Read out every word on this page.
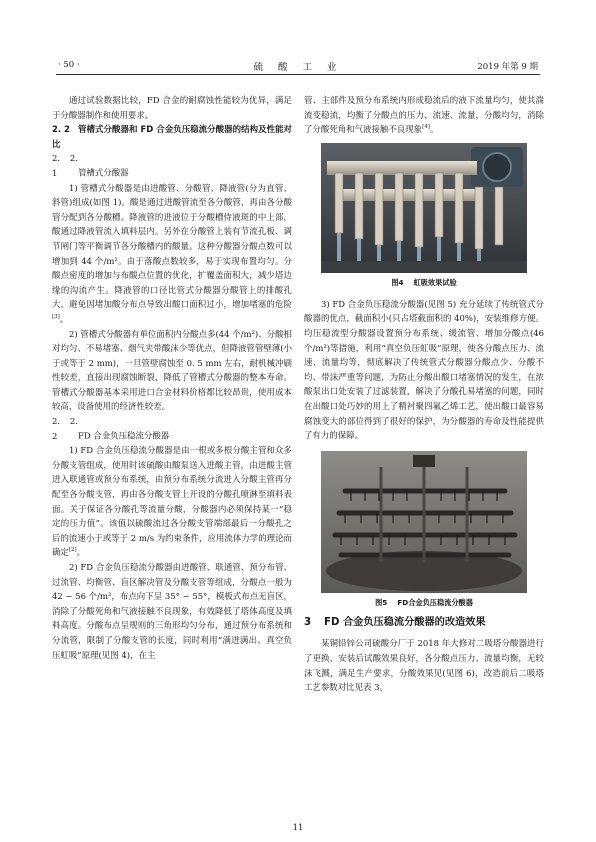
· 50 ·	硫 酸 工 业	2019 年第 9 期

通过试验数据比较，FD 合金的耐腐蚀性能较为优异，满足于分酸器制作和使用要求。

2. 2 管槽式分酸器和 FD 合金负压稳流分酸器的结构及性能对比
2. 2. 1 管槽式分酸器

1) 管槽式分酸器是由进酸管、分酸管、降液管(分为直管、斜管)组成(如图 1)。酸是通过进酸管流至各分酸管，再由各分酸管分配到各分酸槽。降液管的进液位于分酸槽侍液斑的中上部，酸通过降液管流入填料层内。另外在分酸管上装有节流孔板、调节闸门等平衡调节各分酸槽内的酸量。这种分酸器分酸点数可以增加到 44 个/m²。由于落酸点数较多，易于实现布置均匀。分酸点密度的增加与布酸点位置的优化，扩覆盖面积大，减少塔边缘的沟流产生。降液管的口径比管式分酸器分酸管上的排酸孔大，避免因堵加酸分布点导致出酸口面积过小，增加堵塞的危险[3]。

2) 管槽式分酸器有单位面积内分酸点多(44 个/m²)、分酸相对均匀、不易堵塞、烟气夹带酸沫少等优点，但降液管管壁薄(小于或等于 2 mm)，一旦管壁腐蚀至 0. 5 mm 左右，耐机械冲刷性较差，直接出现腐蚀断裂，降低了管槽式分酸器的整本寿命。管槽式分酸器基本采用进口合金材料价格都比较昂贵，使用成本较高，设备使用的经济性较差。

2. 2. 2 FD 合金负压稳流分酸器

1) FD 合金负压稳流分酸器是由一根或多根分酸主管和众多分酸支管组成，使用时该硫酸由酸泵送入进酸主管，由进酸主管进入联通管或预分布系统，由预分布系统分流进入分酸主管再分配至各分酸支管，再由各分酸支管上开设的分酸孔喷淋至填料表面。关于保证各分酸孔等流量分酸，分酸器内必须保持某一“稳定的压力值”。该值以硫酸流过各分酸支管端部最后一分酸孔之后的流速小于或等于 2 m/s 为约束条件，应用流体力学的理论而确定[2]。

2) FD 合金负压稳流分酸器由进酸管、联通管、预分布管、过流管、均衡管、盲区解决管及分酸支管等组成，分酸点一般为 42 ~ 56 个/m²，布点向下呈 35° ~ 55°，模板式布点无盲区，消除了分酸死角和气液接触不良现象，有效降低了塔体高度及填料高度。分酸布点呈规则的三角形均匀分布，通过预分布系统和分流管，限制了分酸支管的长度，同时利用“满进满出、真空负压虹吸”原理(见图 4)，在主

管、主部件及预分布系统内形成稳流后的液下流量均匀，使其湍流变稳流，均衡了分酸点的压力、流速、流量，分酸均匀，消除了分酸死角和气液接触不良现象[4]。

图4 虹吸效果试验

3) FD 合金负压稳流分酸器(见图 5) 充分延续了传统管式分酸器的优点，截面积小(只占塔截面积的 40%)，安装维修方便。均压稳流型分酸器设置预分布系统、缓流管、增加分酸点(46 个/m²)等措施，利用“真空负压虹吸”原理，使各分酸点压力、流速、流量均等，彻底解决了传统管式分酸器分酸点少、分酸不均、带沫严重等问题，为防止分酸出酸口堵塞情况的发生，在浓酸泵出口处安装了过滤装置，解决了分酸孔易堵塞的问题，同时在出酸口处巧妙的用上了精衬聚四氟乙烯工艺，使出酸口最容易腐蚀变大的部位得到了很好的保护，为分酸器的寿命及性能提供了有力的保障。

图5 FD合金负压稳流分酸器
3 FD 合金负压稳流分酸器的改造效果

某铜铅锌公司硫酸分厂于 2018 年大修对二吸塔分酸器进行了更换，安装后试酸效果良好，各分酸点压力、流量均衡，无较沫飞溅，满足生产要求，分酸效果见(见图 6)，改造前后二吸塔工艺参数对比见表 3。

11
